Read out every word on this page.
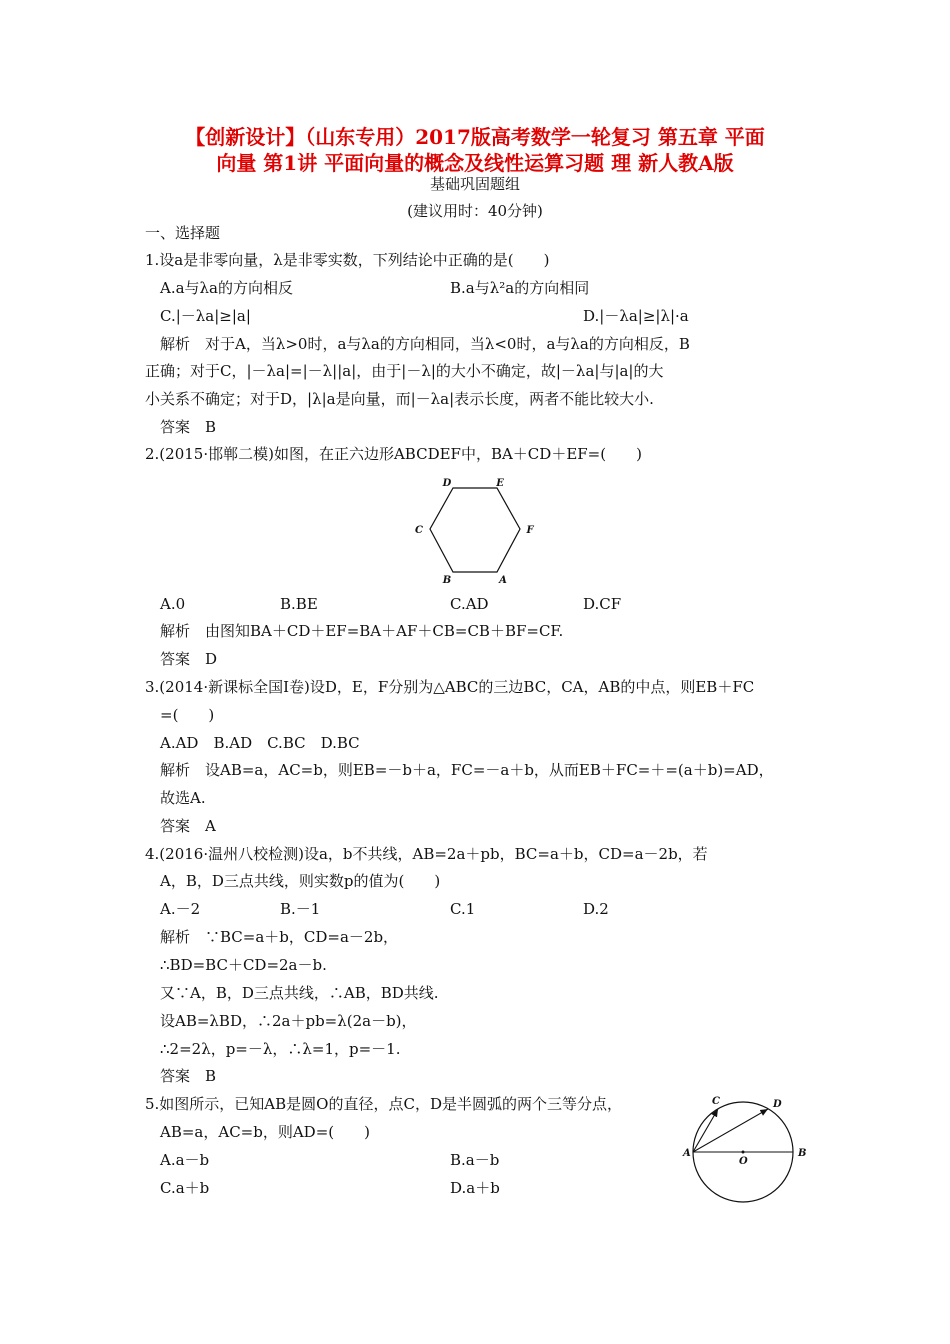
【创新设计】（山东专用）2017版高考数学一轮复习 第五章 平面

向量 第1讲 平面向量的概念及线性运算习题 理 新人教A版

基础巩固题组

(建议用时：40分钟)

一、选择题

1.设a是非零向量，λ是非零实数，下列结论中正确的是(　　)

A.a与λa的方向相反	B.a与λ²a的方向相同

C.|－λa|≥|a|	D.|－λa|≥|λ|·a

解析　对于A，当λ>0时，a与λa的方向相同，当λ<0时，a与λa的方向相反，B

正确；对于C，|－λa|=|－λ||a|，由于|－λ|的大小不确定，故|－λa|与|a|的大

小关系不确定；对于D，|λ|a是向量，而|－λa|表示长度，两者不能比较大小.

答案　B

2.(2015·邯郸二模)如图，在正六边形ABCDEF中，BA＋CD＋EF=(　　)

D	E
C	F
B	A

A.0	B.BE	C.AD	D.CF

解析　由图知BA＋CD＋EF=BA＋AF＋CB=CB＋BF=CF.

答案　D

3.(2014·新课标全国Ⅰ卷)设D，E，F分别为△ABC的三边BC，CA，AB的中点，则EB＋FC

=(　　)

A.AD　B.AD　C.BC　D.BC

解析　设AB=a，AC=b，则EB=－b＋a，FC=－a＋b，从而EB＋FC=＋=(a＋b)=AD，

故选A.

答案　A

4.(2016·温州八校检测)设a，b不共线，AB=2a＋pb，BC=a＋b，CD=a－2b，若

A，B，D三点共线，则实数p的值为(　　)

A.－2	B.－1	C.1	D.2

解析　∵BC=a＋b，CD=a－2b，

∴BD=BC＋CD=2a－b.

又∵A，B，D三点共线，∴AB，BD共线.

设AB=λBD，∴2a＋pb=λ(2a－b)，

∴2=2λ，p=－λ，∴λ=1，p=－1.

答案　B

5.如图所示，已知AB是圆O的直径，点C，D是半圆弧的两个三等分点，

AB=a，AC=b，则AD=(　　)

A.a－b	B.a－b

C.a＋b	D.a＋b

A	B
C	D
O
